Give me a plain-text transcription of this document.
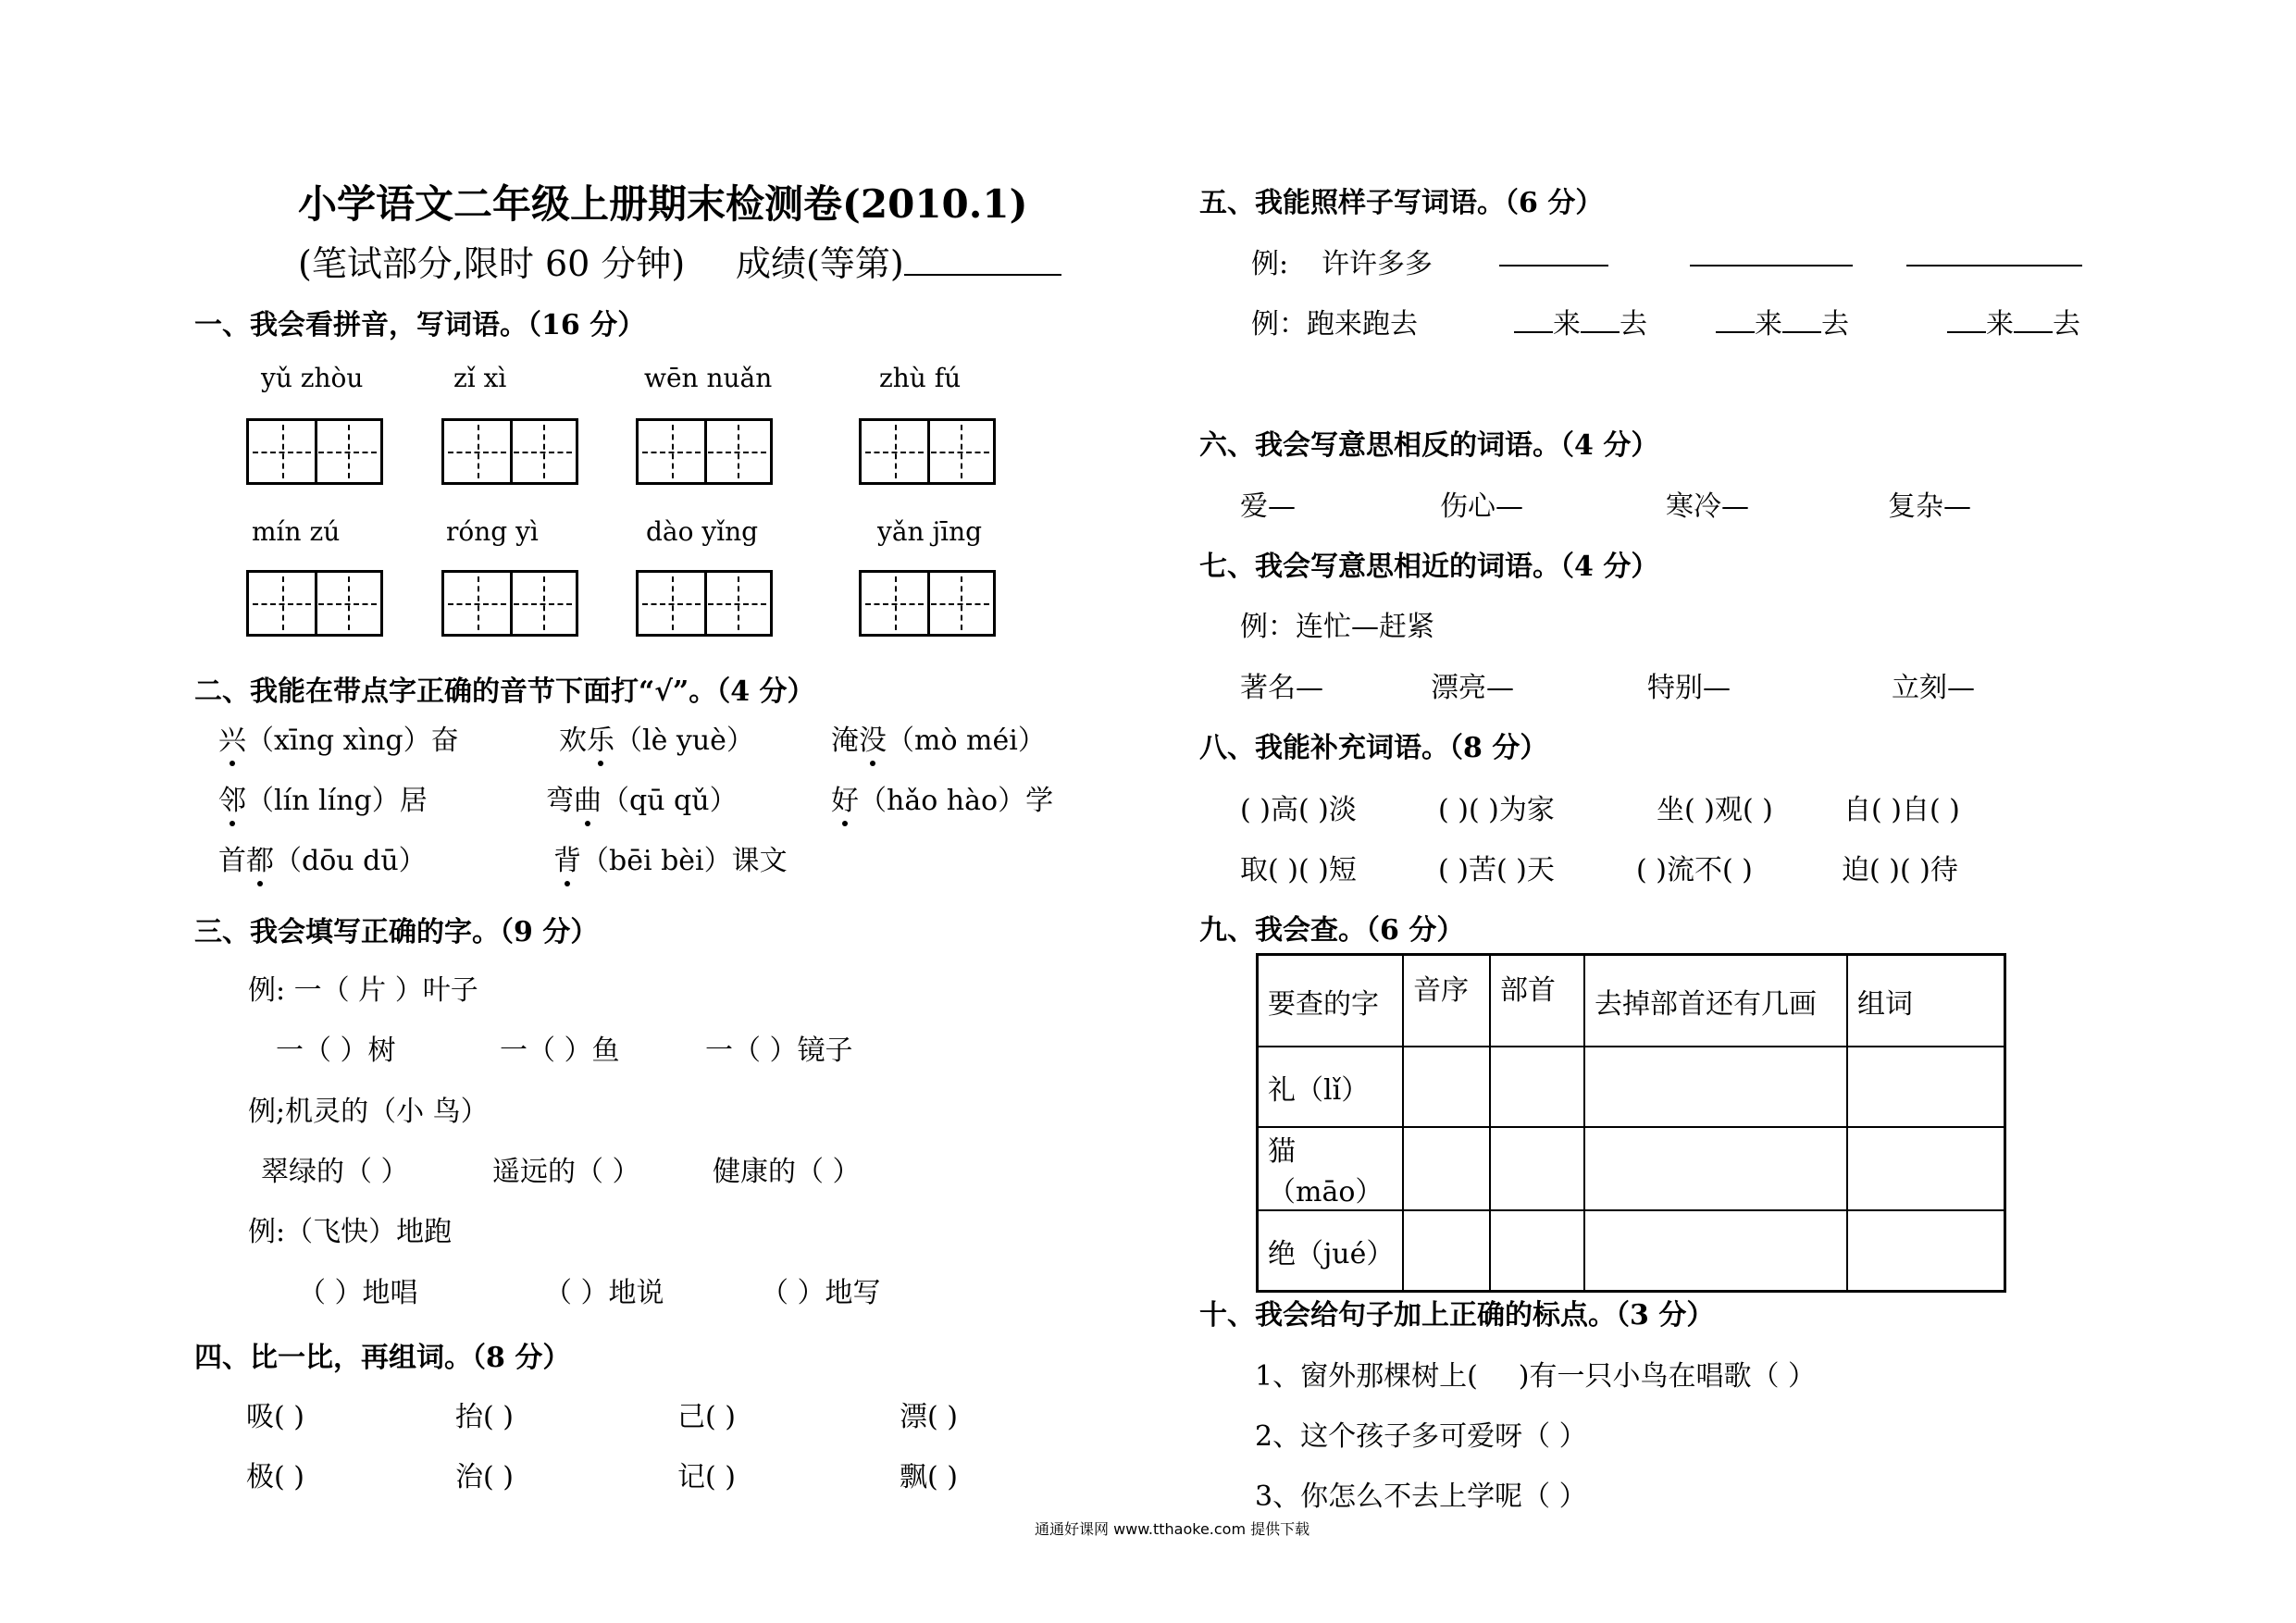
小学语文二年级上册期末检测卷(2010.1)
(笔试部分,限时 60 分钟) 成绩(等第)
一、我会看拼音，写词语。（16 分）
yǔ zhòu	zǐ xì	wēn nuǎn	zhù fú
mín zú	róng yì	dào yǐng	yǎn jīng
二、我能在带点字正确的音节下面打“√”。（4 分）
兴（xīng xìng）奋	欢乐（lè yuè）	淹没（mò méi）
邻（lín líng）居	弯曲（qū qǔ）	好（hǎo hào）学
首都（dōu dū）	背（bēi bèi）课文
三、我会填写正确的字。（9 分）
例: 一（ 片 ）叶子
一（ ）树	一（ ）鱼	一（ ）镜子
例;机灵的（小 鸟）
翠绿的（ ）	遥远的（ ）	健康的（ ）
例:（飞快）地跑
（ ）地唱	（ ）地说	（ ）地写
四、比一比，再组词。（8 分）
吸( )	抬( )	己( )	漂( )
极( )	治( )	记( )	飘( )
五、我能照样子写词语。（6 分）
例: 许许多多
例：跑来跑去	来 去	来 去	来 去
六、我会写意思相反的词语。（4 分）
爱—	伤心—	寒冷—	复杂—
七、我会写意思相近的词语。（4 分）
例：连忙—赶紧
著名—	漂亮—	特别—	立刻—
八、我能补充词语。（8 分）
( )高( )淡	( )( )为家	坐( )观( )	自( )自( )
取( )( )短	( )苦( )天	( )流不( )	迫( )( )待
九、我会查。（6 分）
要查的字	音序	部首	去掉部首还有几画	组词
礼（lǐ）				
猫（māo）				
绝（jué）				
十、我会给句子加上正确的标点。（3 分）
1、窗外那棵树上( )有一只小鸟在唱歌（ ）
2、这个孩子多可爱呀（ ）
3、你怎么不去上学呢（ ）
通通好课网 www.tthaoke.com 提供下载
